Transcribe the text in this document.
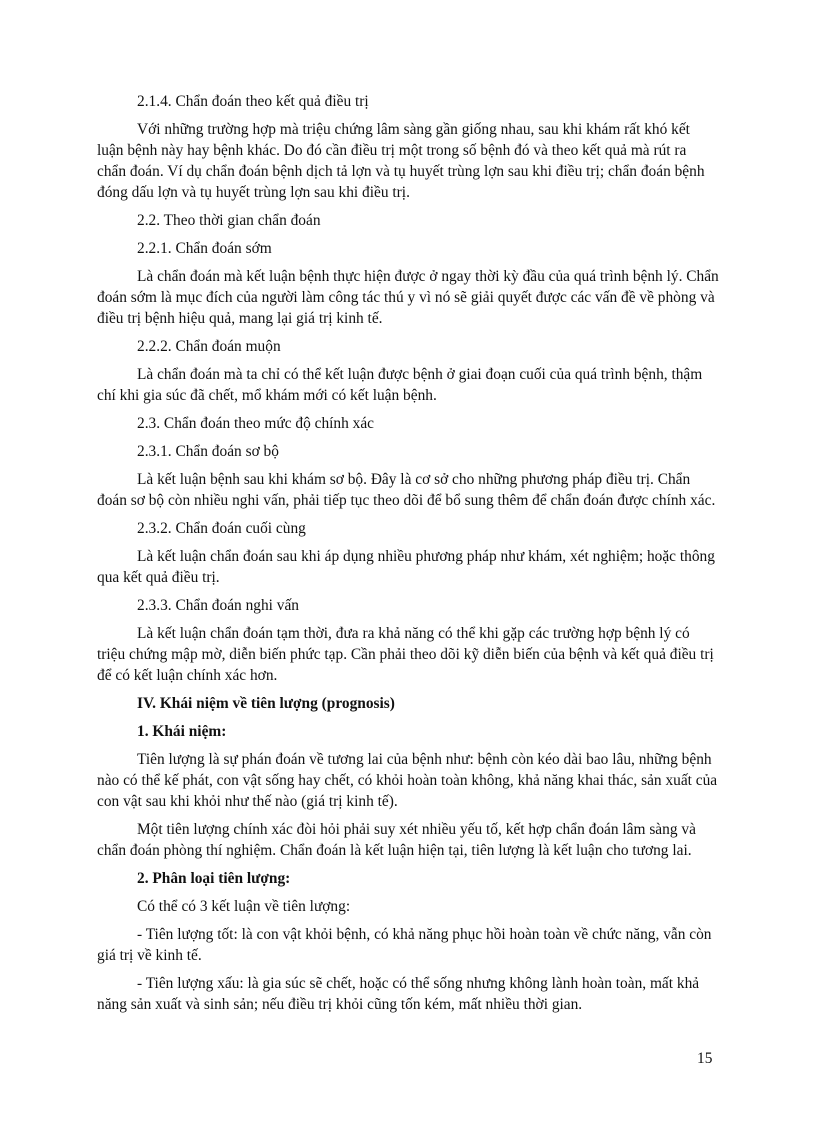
2.1.4. Chẩn đoán theo kết quả điều trị

Với những trường hợp mà triệu chứng lâm sàng gần giống nhau, sau khi khám rất khó kết luận bệnh này hay bệnh khác. Do đó cần điều trị một trong số bệnh đó và theo kết quả mà rút ra chẩn đoán. Ví dụ chẩn đoán bệnh dịch tả lợn và tụ huyết trùng lợn sau khi điều trị; chẩn đoán bệnh đóng dấu lợn và tụ huyết trùng lợn sau khi điều trị.

2.2. Theo thời gian chẩn đoán

2.2.1. Chẩn đoán sớm

Là chẩn đoán mà kết luận bệnh thực hiện được ở ngay thời kỳ đầu của quá trình bệnh lý. Chẩn đoán sớm là mục đích của người làm công tác thú y vì nó sẽ giải quyết được các vấn đề về phòng và điều trị bệnh hiệu quả, mang lại giá trị kinh tế.

2.2.2. Chẩn đoán muộn

Là chẩn đoán mà ta chỉ có thể kết luận được bệnh ở giai đoạn cuối của quá trình bệnh, thậm chí khi gia súc đã chết, mổ khám mới có kết luận bệnh.

2.3. Chẩn đoán theo mức độ chính xác

2.3.1. Chẩn đoán sơ bộ

Là kết luận bệnh sau khi khám sơ bộ. Đây là cơ sở cho những phương pháp điều trị. Chẩn đoán sơ bộ còn nhiều nghi vấn, phải tiếp tục theo dõi để bổ sung thêm để chẩn đoán được chính xác.

2.3.2. Chẩn đoán cuối cùng

Là kết luận chẩn đoán sau khi áp dụng nhiều phương pháp như khám, xét nghiệm; hoặc thông qua kết quả điều trị.

2.3.3. Chẩn đoán nghi vấn

Là kết luận chẩn đoán tạm thời, đưa ra khả năng có thể khi gặp các trường hợp bệnh lý có triệu chứng mập mờ, diễn biến phức tạp. Cần phải theo dõi kỹ diễn biến của bệnh và kết quả điều trị để có kết luận chính xác hơn.

IV. Khái niệm về tiên lượng (prognosis)

1. Khái niệm:

Tiên lượng là sự phán đoán về tương lai của bệnh như: bệnh còn kéo dài bao lâu, những bệnh nào có thể kế phát, con vật sống hay chết, có khỏi hoàn toàn không, khả năng khai thác, sản xuất của con vật sau khi khỏi như thế nào (giá trị kinh tế).

Một tiên lượng chính xác đòi hỏi phải suy xét nhiều yếu tố, kết hợp chẩn đoán lâm sàng và chẩn đoán phòng thí nghiệm. Chẩn đoán là kết luận hiện tại, tiên lượng là kết luận cho tương lai.

2. Phân loại tiên lượng:

Có thể có 3 kết luận về tiên lượng:

- Tiên lượng tốt: là con vật khỏi bệnh, có khả năng phục hồi hoàn toàn về chức năng, vẫn còn giá trị về kinh tế.

- Tiên lượng xấu: là gia súc sẽ chết, hoặc có thể sống nhưng không lành hoàn toàn, mất khả năng sản xuất và sinh sản; nếu điều trị khỏi cũng tốn kém, mất nhiều thời gian.

15
